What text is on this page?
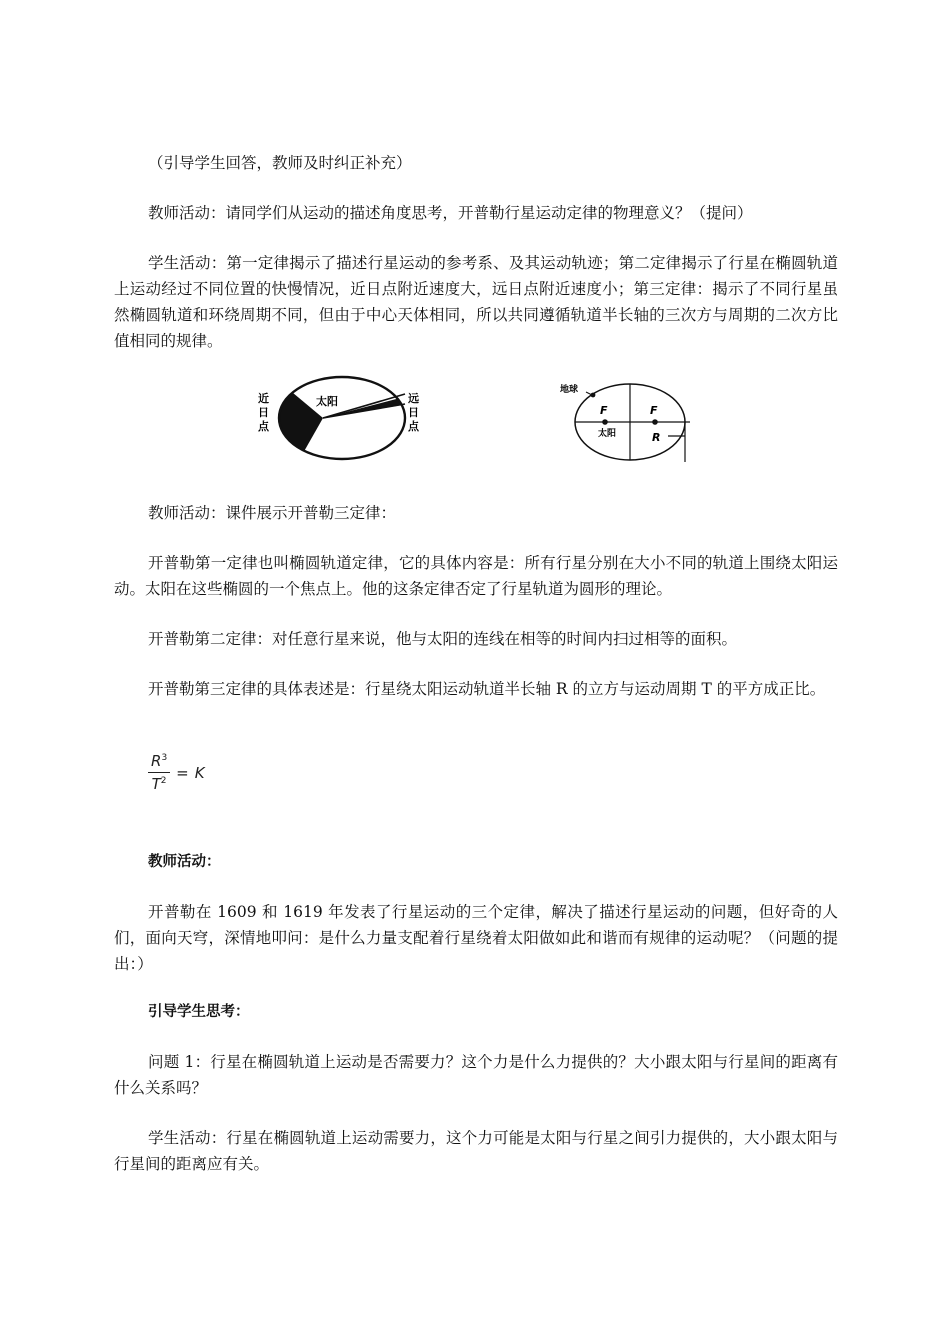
（引导学生回答，教师及时纠正补充）

教师活动：请同学们从运动的描述角度思考，开普勒行星运动定律的物理意义？（提问）

学生活动：第一定律揭示了描述行星运动的参考系、及其运动轨迹；第二定律揭示了行星在椭圆轨道上运动经过不同位置的快慢情况，近日点附近速度大，远日点附近速度小；第三定律：揭示了不同行星虽然椭圆轨道和环绕周期不同，但由于中心天体相同，所以共同遵循轨道半长轴的三次方与周期的二次方比值相同的规律。

太阳
近
日
点
远
日
点
地球
F	F
太阳	R

教师活动：课件展示开普勒三定律：

开普勒第一定律也叫椭圆轨道定律，它的具体内容是：所有行星分别在大小不同的轨道上围绕太阳运动。太阳在这些椭圆的一个焦点上。他的这条定律否定了行星轨道为圆形的理论。

开普勒第二定律：对任意行星来说，他与太阳的连线在相等的时间内扫过相等的面积。

开普勒第三定律的具体表述是：行星绕太阳运动轨道半长轴 R 的立方与运动周期 T 的平方成正比。

$\frac{R^3}{T^2} = K$

教师活动：

开普勒在 1609 和 1619 年发表了行星运动的三个定律，解决了描述行星运动的问题，但好奇的人们，面向天穹，深情地叩问：是什么力量支配着行星绕着太阳做如此和谐而有规律的运动呢？（问题的提出：）

引导学生思考：

问题 1：行星在椭圆轨道上运动是否需要力？这个力是什么力提供的？大小跟太阳与行星间的距离有什么关系吗？

学生活动：行星在椭圆轨道上运动需要力，这个力可能是太阳与行星之间引力提供的，大小跟太阳与行星间的距离应有关。
